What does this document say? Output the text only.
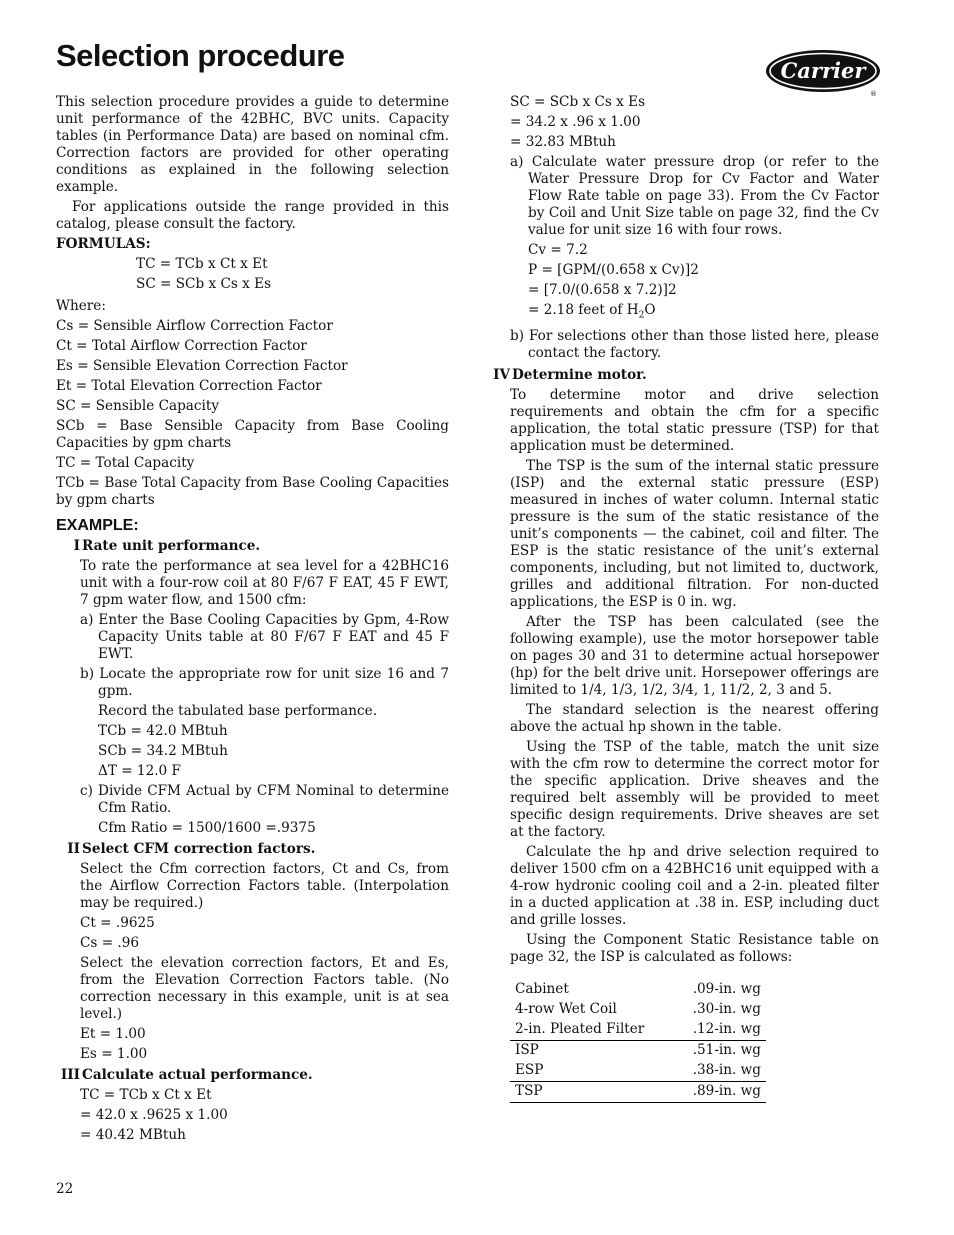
Selection procedure	Carrier
®

This selection procedure provides a guide to determine unit performance of the 42BHC, BVC units. Capacity tables (in Performance Data) are based on nominal cfm. Correction factors are provided for other operating conditions as explained in the following selection example.

For applications outside the range provided in this catalog, please consult the factory.

FORMULAS:

TC = TCb x Ct x Et

SC = SCb x Cs x Es

Where:

Cs = Sensible Airflow Correction Factor

Ct = Total Airflow Correction Factor

Es = Sensible Elevation Correction Factor

Et = Total Elevation Correction Factor

SC = Sensible Capacity

SCb = Base Sensible Capacity from Base Cooling Capacities by gpm charts

TC = Total Capacity

TCb = Base Total Capacity from Base Cooling Capacities by gpm charts

EXAMPLE:

I Rate unit performance.

To rate the performance at sea level for a 42BHC16 unit with a four-row coil at 80 F/67 F EAT, 45 F EWT, 7 gpm water flow, and 1500 cfm:

a) Enter the Base Cooling Capacities by Gpm, 4-Row Capacity Units table at 80 F/67 F EAT and 45 F EWT.

b) Locate the appropriate row for unit size 16 and 7 gpm.

Record the tabulated base performance.

TCb = 42.0 MBtuh

SCb = 34.2 MBtuh

ΔT = 12.0 F

c) Divide CFM Actual by CFM Nominal to determine Cfm Ratio.

Cfm Ratio = 1500/1600 =.9375

II Select CFM correction factors.

Select the Cfm correction factors, Ct and Cs, from the Airflow Correction Factors table. (Interpolation may be required.)

Ct = .9625

Cs = .96

Select the elevation correction factors, Et and Es, from the Elevation Correction Factors table. (No correction necessary in this example, unit is at sea level.)

Et = 1.00

Es = 1.00

III Calculate actual performance.

TC = TCb x Ct x Et

= 42.0 x .9625 x 1.00

= 40.42 MBtuh

SC = SCb x Cs x Es

= 34.2 x .96 x 1.00

= 32.83 MBtuh

a) Calculate water pressure drop (or refer to the Water Pressure Drop for Cv Factor and Water Flow Rate table on page 33). From the Cv Factor by Coil and Unit Size table on page 32, find the Cv value for unit size 16 with four rows.

Cv = 7.2

P = [GPM/(0.658 x Cv)]2

= [7.0/(0.658 x 7.2)]2

= 2.18 feet of $H_2O$

b) For selections other than those listed here, please contact the factory.

IV Determine motor.

To determine motor and drive selection requirements and obtain the cfm for a specific application, the total static pressure (TSP) for that application must be determined.

The TSP is the sum of the internal static pressure (ISP) and the external static pressure (ESP) measured in inches of water column. Internal static pressure is the sum of the static resistance of the unit’s components — the cabinet, coil and filter. The ESP is the static resistance of the unit’s external components, including, but not limited to, ductwork, grilles and additional filtration. For non-ducted applications, the ESP is 0 in. wg.

After the TSP has been calculated (see the following example), use the motor horsepower table on pages 30 and 31 to determine actual horsepower (hp) for the belt drive unit. Horsepower offerings are limited to 1/4, 1/3, 1/2, 3/4, 1, 11/2, 2, 3 and 5.

The standard selection is the nearest offering above the actual hp shown in the table.

Using the TSP of the table, match the unit size with the cfm row to determine the correct motor for the specific application. Drive sheaves and the required belt assembly will be provided to meet specific design requirements. Drive sheaves are set at the factory.

Calculate the hp and drive selection required to deliver 1500 cfm on a 42BHC16 unit equipped with a 4-row hydronic cooling coil and a 2-in. pleated filter in a ducted application at .38 in. ESP, including duct and grille losses.

Using the Component Static Resistance table on page 32, the ISP is calculated as follows:

Cabinet	.09-in. wg
4-row Wet Coil	.30-in. wg
2-in. Pleated Filter	.12-in. wg
ISP	.51-in. wg
ESP	.38-in. wg
TSP	.89-in. wg
22
